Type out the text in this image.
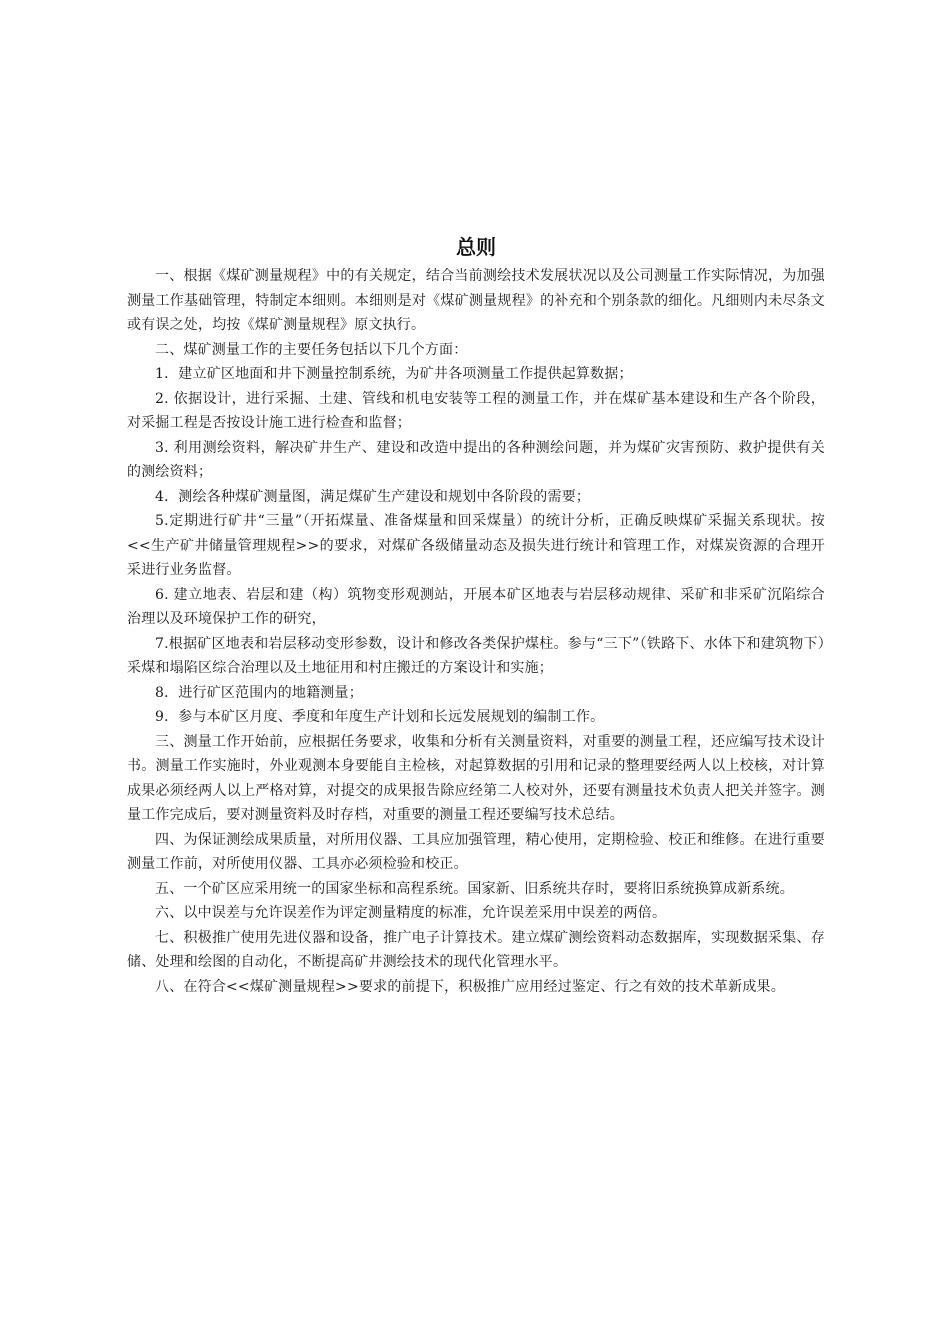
总则

一、根据《煤矿测量规程》中的有关规定，结合当前测绘技术发展状况以及公司测量工作实际情况，为加强测量工作基础管理，特制定本细则。本细则是对《煤矿测量规程》的补充和个别条款的细化。凡细则内未尽条文或有误之处，均按《煤矿测量规程》原文执行。

二、煤矿测量工作的主要任务包括以下几个方面：

1．建立矿区地面和井下测量控制系统，为矿井各项测量工作提供起算数据；

2. 依据设计，进行采掘、土建、管线和机电安装等工程的测量工作，并在煤矿基本建设和生产各个阶段，对采掘工程是否按设计施工进行检查和监督；

3. 利用测绘资料，解决矿井生产、建设和改造中提出的各种测绘问题，并为煤矿灾害预防、救护提供有关的测绘资料；

4．测绘各种煤矿测量图，满足煤矿生产建设和规划中各阶段的需要；

5.定期进行矿井“三量”（开拓煤量、准备煤量和回采煤量）的统计分析，正确反映煤矿采掘关系现状。按<<生产矿井储量管理规程>>的要求，对煤矿各级储量动态及损失进行统计和管理工作，对煤炭资源的合理开采进行业务监督。

6. 建立地表、岩层和建（构）筑物变形观测站，开展本矿区地表与岩层移动规律、采矿和非采矿沉陷综合治理以及环境保护工作的研究，

7.根据矿区地表和岩层移动变形参数，设计和修改各类保护煤柱。参与“三下”（铁路下、水体下和建筑物下）采煤和塌陷区综合治理以及土地征用和村庄搬迁的方案设计和实施；

8．进行矿区范围内的地籍测量；

9．参与本矿区月度、季度和年度生产计划和长远发展规划的编制工作。

三、测量工作开始前，应根据任务要求，收集和分析有关测量资料，对重要的测量工程，还应编写技术设计书。测量工作实施时，外业观测本身要能自主检核，对起算数据的引用和记录的整理要经两人以上校核，对计算成果必须经两人以上严格对算，对提交的成果报告除应经第二人校对外，还要有测量技术负责人把关并签字。测量工作完成后，要对测量资料及时存档，对重要的测量工程还要编写技术总结。

四、为保证测绘成果质量，对所用仪器、工具应加强管理，精心使用，定期检验、校正和维修。在进行重要测量工作前，对所使用仪器、工具亦必须检验和校正。

五、一个矿区应采用统一的国家坐标和高程系统。国家新、旧系统共存时，要将旧系统换算成新系统。

六、以中误差与允许误差作为评定测量精度的标准，允许误差采用中误差的两倍。

七、积极推广使用先进仪器和设备，推广电子计算技术。建立煤矿测绘资料动态数据库，实现数据采集、存储、处理和绘图的自动化，不断提高矿井测绘技术的现代化管理水平。

八、在符合<<煤矿测量规程>>要求的前提下，积极推广应用经过鉴定、行之有效的技术革新成果。
